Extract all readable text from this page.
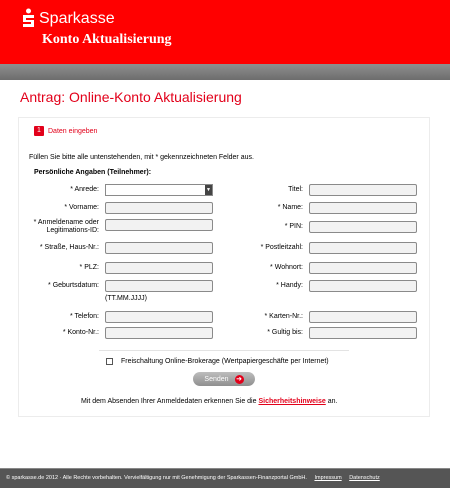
Sparkasse
Konto Aktualisierung
Antrag: Online-Konto Aktualisierung
1	Daten eingeben
Füllen Sie bitte alle untenstehenden, mit * gekennzeichneten Felder aus.
Persönliche Angaben (Teilnehmer):
* Anrede:	▼
* Vorname:
* Anmeldename oder Legitimations-ID:
* Straße, Haus-Nr.:
* PLZ:
* Geburtsdatum:
(TT.MM.JJJJ)
* Telefon:
* Konto-Nr.:
Titel:
* Name:
* PIN:
* Postleitzahl:
* Wohnort:
* Handy:
* Karten-Nr.:
* Gultig bis:
Freischaltung Online-Brokerage (Wertpapiergeschäfte per Internet)
Senden ➜
Mit dem Absenden Ihrer Anmeldedaten erkennen Sie die Sicherheitshinweise an.
© sparkasse.de 2012 · Alle Rechte vorbehalten. Vervielfältigung nur mit Genehmigung der Sparkassen-Finanzportal GmbH. Impressum Datenschutz
